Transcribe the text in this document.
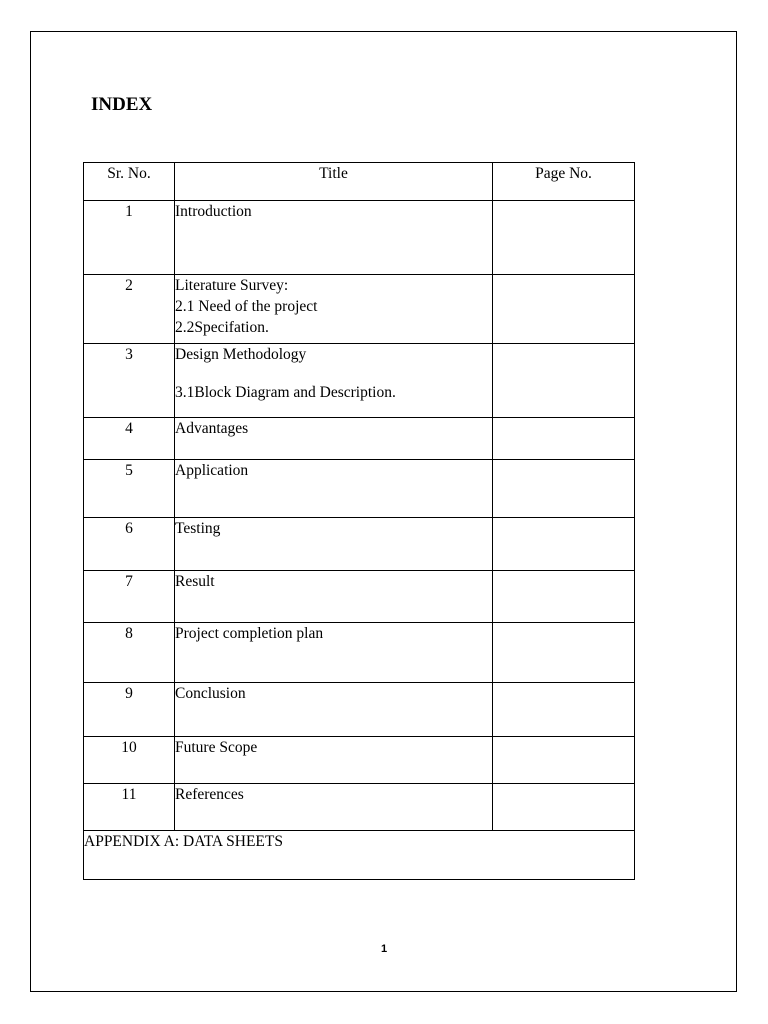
INDEX
Sr. No.	Title	Page No.
1	Introduction	
2	Literature Survey:
2.1 Need of the project
2.2Specifation.	

3	Design Methodology
3.1Block Diagram and Description.	

4	Advantages	
5	Application	
6	Testing	
7	Result	
8	Project completion plan	
9	Conclusion	
10	Future Scope	
11	References	
APPENDIX A: DATA SHEETS		
1
